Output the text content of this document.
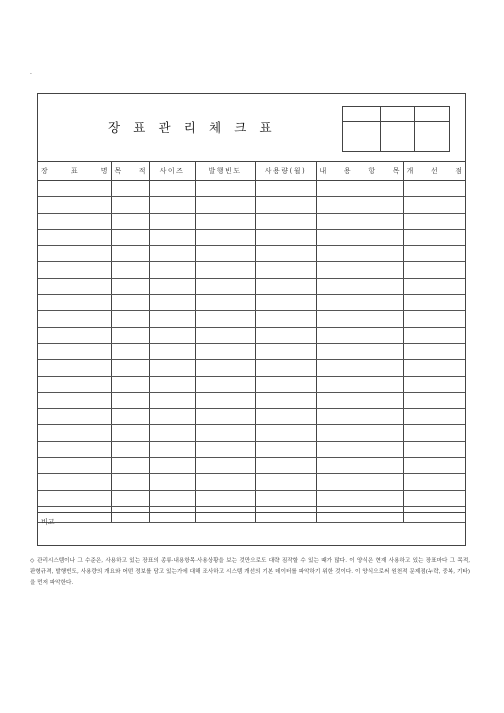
·
장 표 관 리 체 크 표

장 표 명	목 적	사이즈	발행빈도	사용량(월)	내 용 항 목	개 선 점

비고
◇ 관리시스템이나 그 수준은, 사용하고 있는 장표의 종류·내용항목·사용상황을 보는 것만으로도 대략 짐작할 수 있는 때가 많다. 이 양식은 현재 사용하고 있는 장표마다 그 목적, 판형규격, 발행빈도, 사용량의 개요와 어떤 정보를 담고 있는가에 대해 조사하고 시스템 개선의 기본 데이터를 파악하기 위한 것이다. 이 양식으로써 원천적 문제점(누락, 중복, 기타)을 먼저 파악한다.
